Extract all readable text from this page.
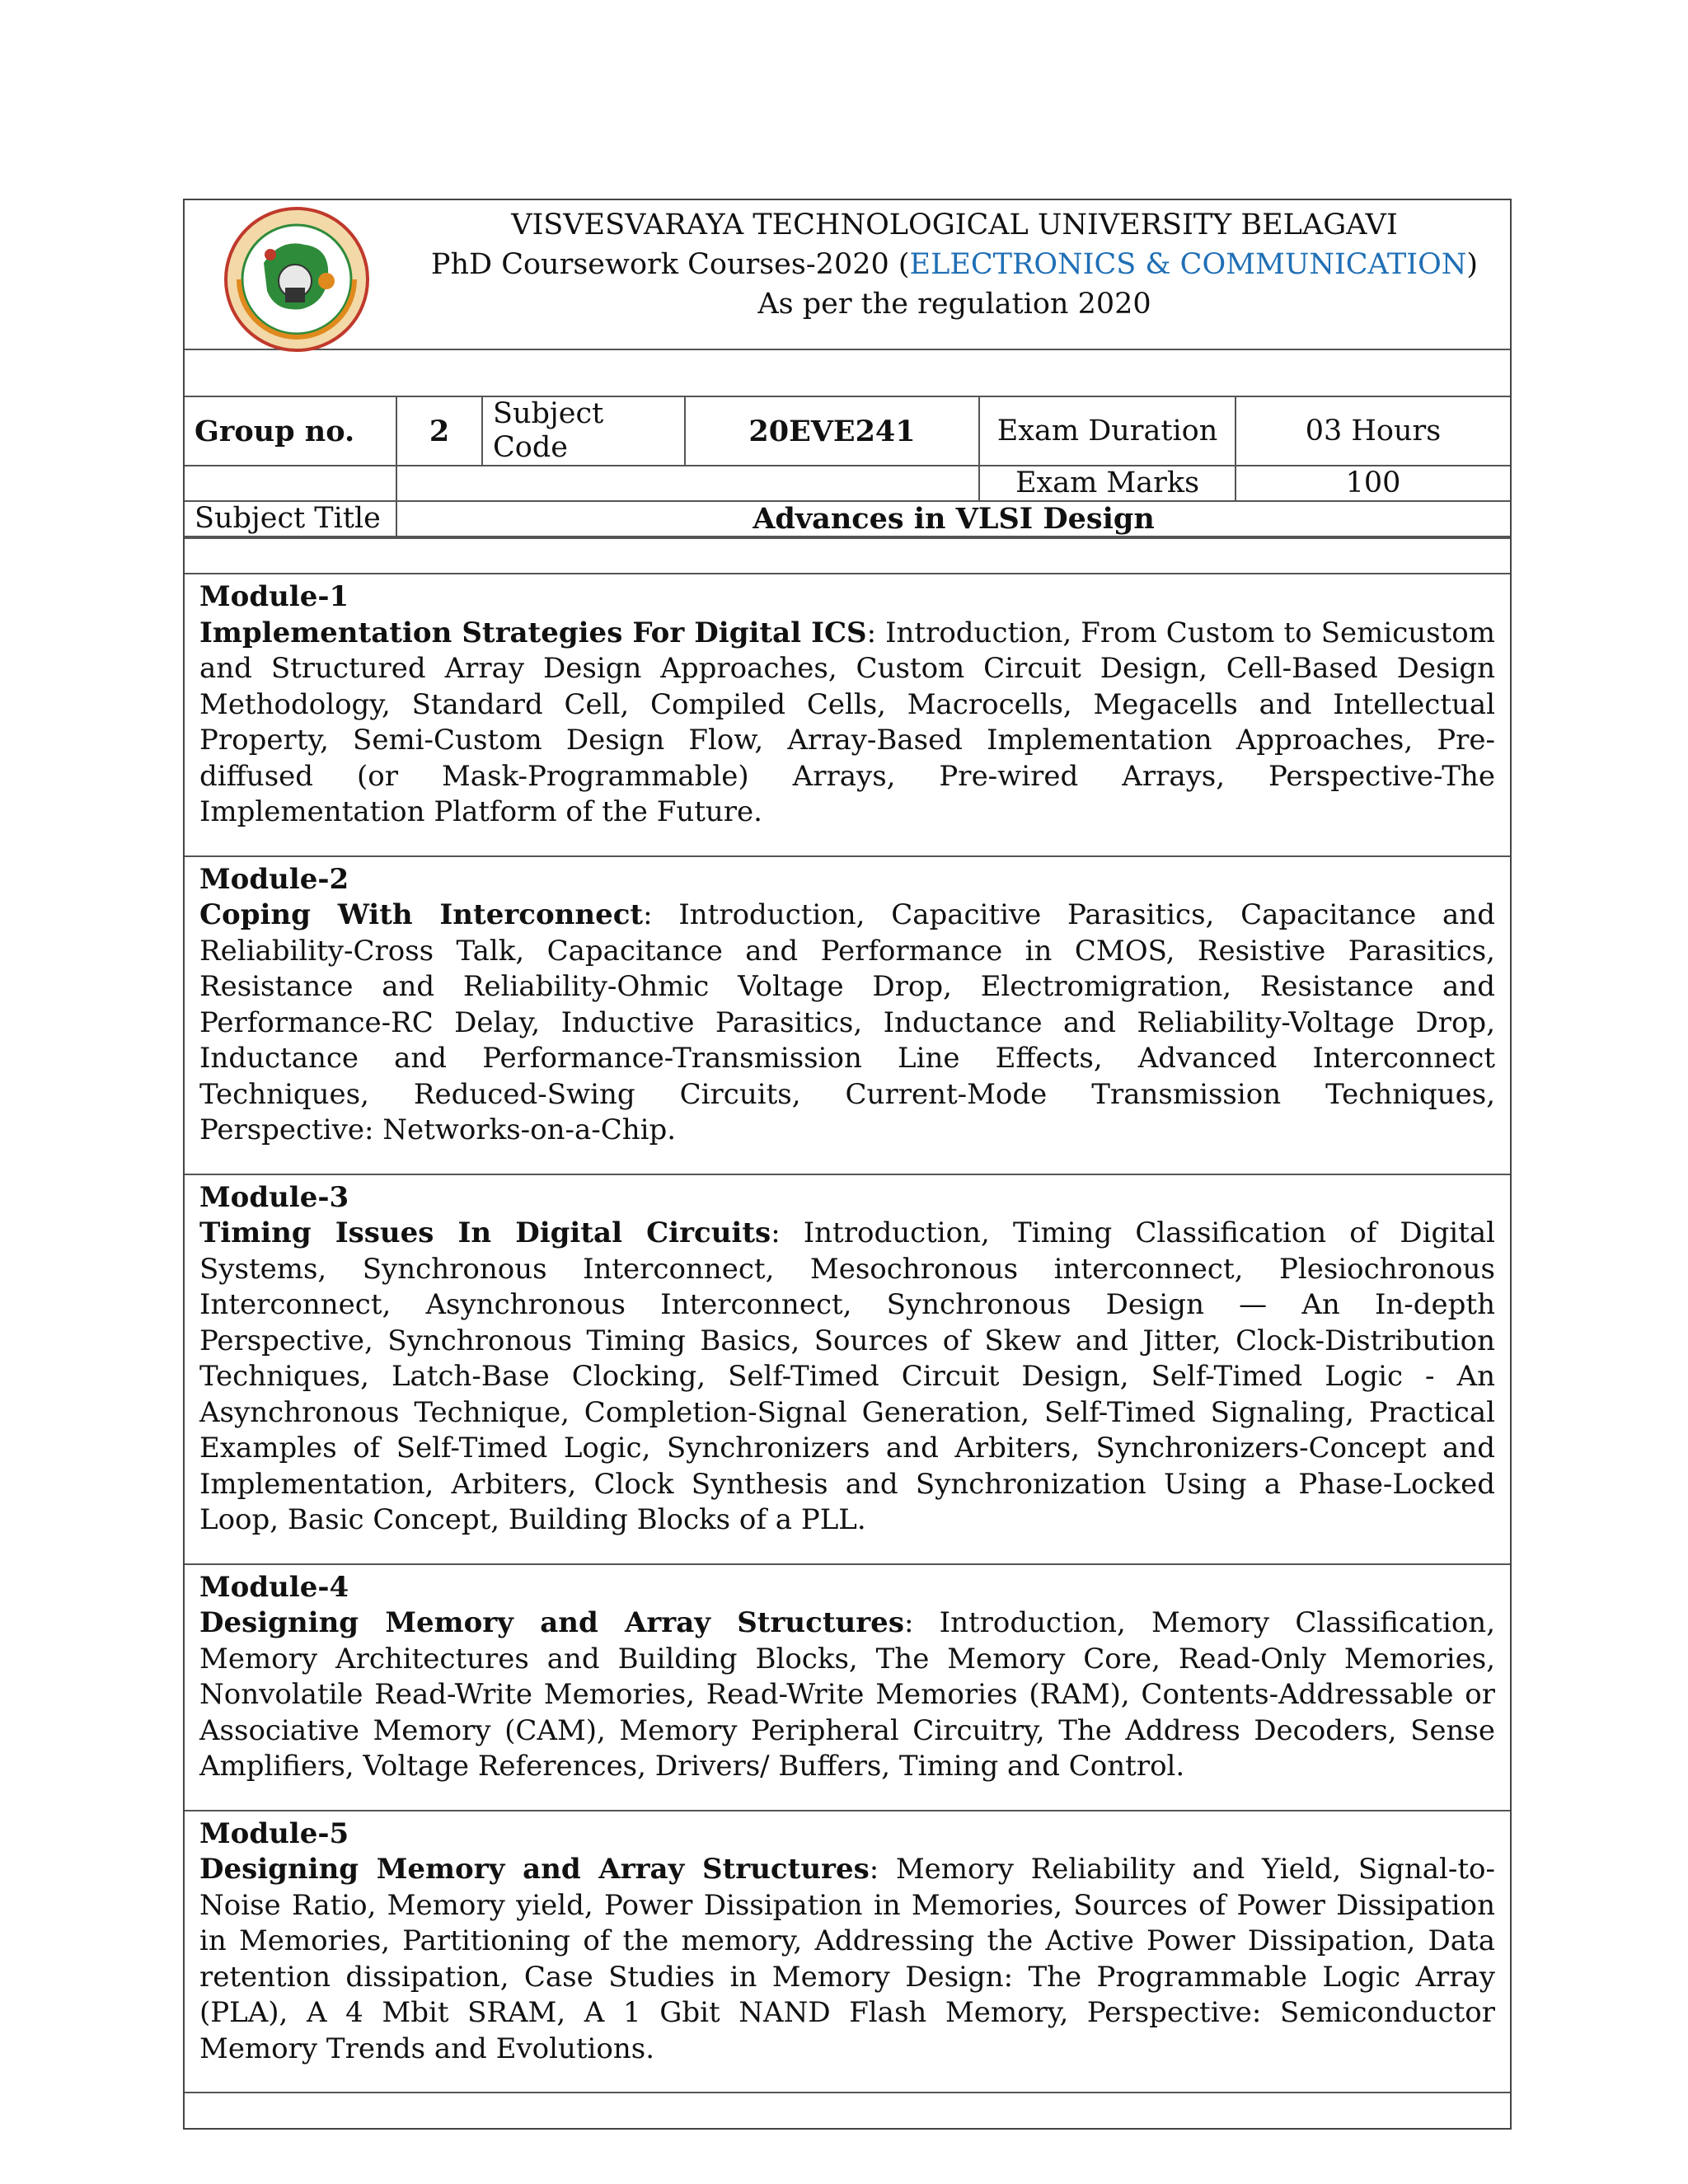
VISVESVARAYA TECHNOLOGICAL UNIVERSITY BELAGAVI
PhD Coursework Courses-2020 (ELECTRONICS & COMMUNICATION)
As per the regulation 2020
Group no.	2	Subject Code	20EVE241	Exam Duration	03 Hours
				Exam Marks	100
Subject Title	Advances in VLSI Design				
Module-1
Implementation Strategies For Digital ICS: Introduction, From Custom to Semicustom and Structured Array Design Approaches, Custom Circuit Design, Cell-Based Design Methodology, Standard Cell, Compiled Cells, Macrocells, Megacells and Intellectual Property, Semi-Custom Design Flow, Array-Based Implementation Approaches, Pre-diffused (or Mask-Programmable) Arrays, Pre-wired Arrays, Perspective-The Implementation Platform of the Future.
Module-2
Coping With Interconnect: Introduction, Capacitive Parasitics, Capacitance and Reliability-Cross Talk, Capacitance and Performance in CMOS, Resistive Parasitics, Resistance and Reliability-Ohmic Voltage Drop, Electromigration, Resistance and Performance-RC Delay, Inductive Parasitics, Inductance and Reliability-Voltage Drop, Inductance and Performance-Transmission Line Effects, Advanced Interconnect Techniques, Reduced-Swing Circuits, Current-Mode Transmission Techniques, Perspective: Networks-on-a-Chip.
Module-3
Timing Issues In Digital Circuits: Introduction, Timing Classification of Digital Systems, Synchronous Interconnect, Mesochronous interconnect, Plesiochronous Interconnect, Asynchronous Interconnect, Synchronous Design — An In-depth Perspective, Synchronous Timing Basics, Sources of Skew and Jitter, Clock-Distribution Techniques, Latch-Base Clocking, Self-Timed Circuit Design, Self-Timed Logic - An Asynchronous Technique, Completion-Signal Generation, Self-Timed Signaling, Practical Examples of Self-Timed Logic, Synchronizers and Arbiters, Synchronizers-Concept and Implementation, Arbiters, Clock Synthesis and Synchronization Using a Phase-Locked Loop, Basic Concept, Building Blocks of a PLL.
Module-4
Designing Memory and Array Structures: Introduction, Memory Classification, Memory Architectures and Building Blocks, The Memory Core, Read-Only Memories, Nonvolatile Read-Write Memories, Read-Write Memories (RAM), Contents-Addressable or Associative Memory (CAM), Memory Peripheral Circuitry, The Address Decoders, Sense Amplifiers, Voltage References, Drivers/ Buffers, Timing and Control.
Module-5
Designing Memory and Array Structures: Memory Reliability and Yield, Signal-to-Noise Ratio, Memory yield, Power Dissipation in Memories, Sources of Power Dissipation in Memories, Partitioning of the memory, Addressing the Active Power Dissipation, Data retention dissipation, Case Studies in Memory Design: The Programmable Logic Array (PLA), A 4 Mbit SRAM, A 1 Gbit NAND Flash Memory, Perspective: Semiconductor Memory Trends and Evolutions.
